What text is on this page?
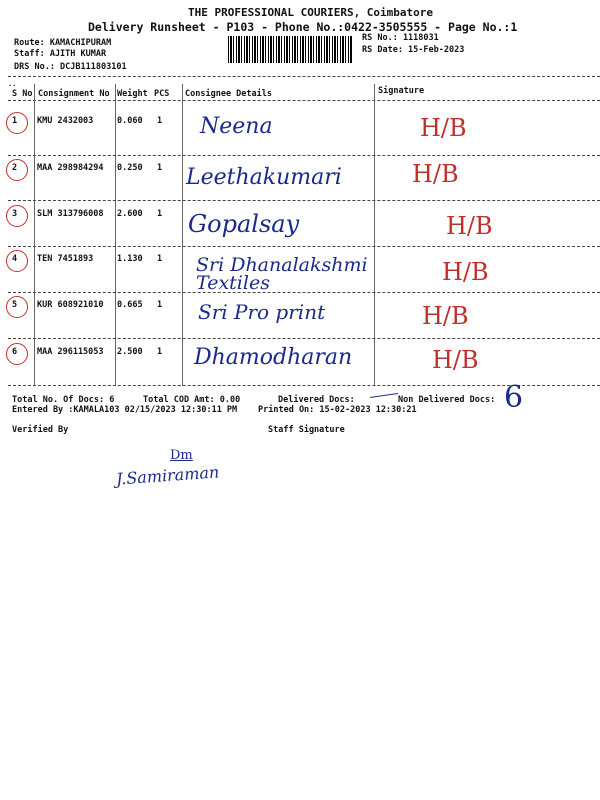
THE PROFESSIONAL COURIERS, Coimbatore
Delivery Runsheet - P103 - Phone No.:0422-3505555 - Page No.:1
Route: KAMACHIPURAM
Staff: AJITH KUMAR
DRS No.: DCJB111803101
RS No.: 1118031
RS Date: 15-Feb-2023
..
S No Consignment No Weight PCS Consignee Details	Signature
1 KMU 2432003	0.060 1 Neena	H/B
2 MAA 298984294 0.250 1 Leethakumari	H/B
3 SLM 313796008 2.600 1 Gopalsay	H/B
4 TEN 7451893	1.130 1 Sri Dhanalakshmi Textiles	H/B
5 KUR 608921010 0.665 1 Sri Pro print	H/B
6 MAA 296115053 2.500 1 Dhamodharan	H/B
Total No. Of Docs: 6	Total COD Amt: 0.00	Delivered Docs:	Non Delivered Docs: 6
Entered By :KAMALA103 02/15/2023 12:30:11 PM Printed On: 15-02-2023 12:30:21
Verified By	Staff Signature
Dm
J.Samiraman
